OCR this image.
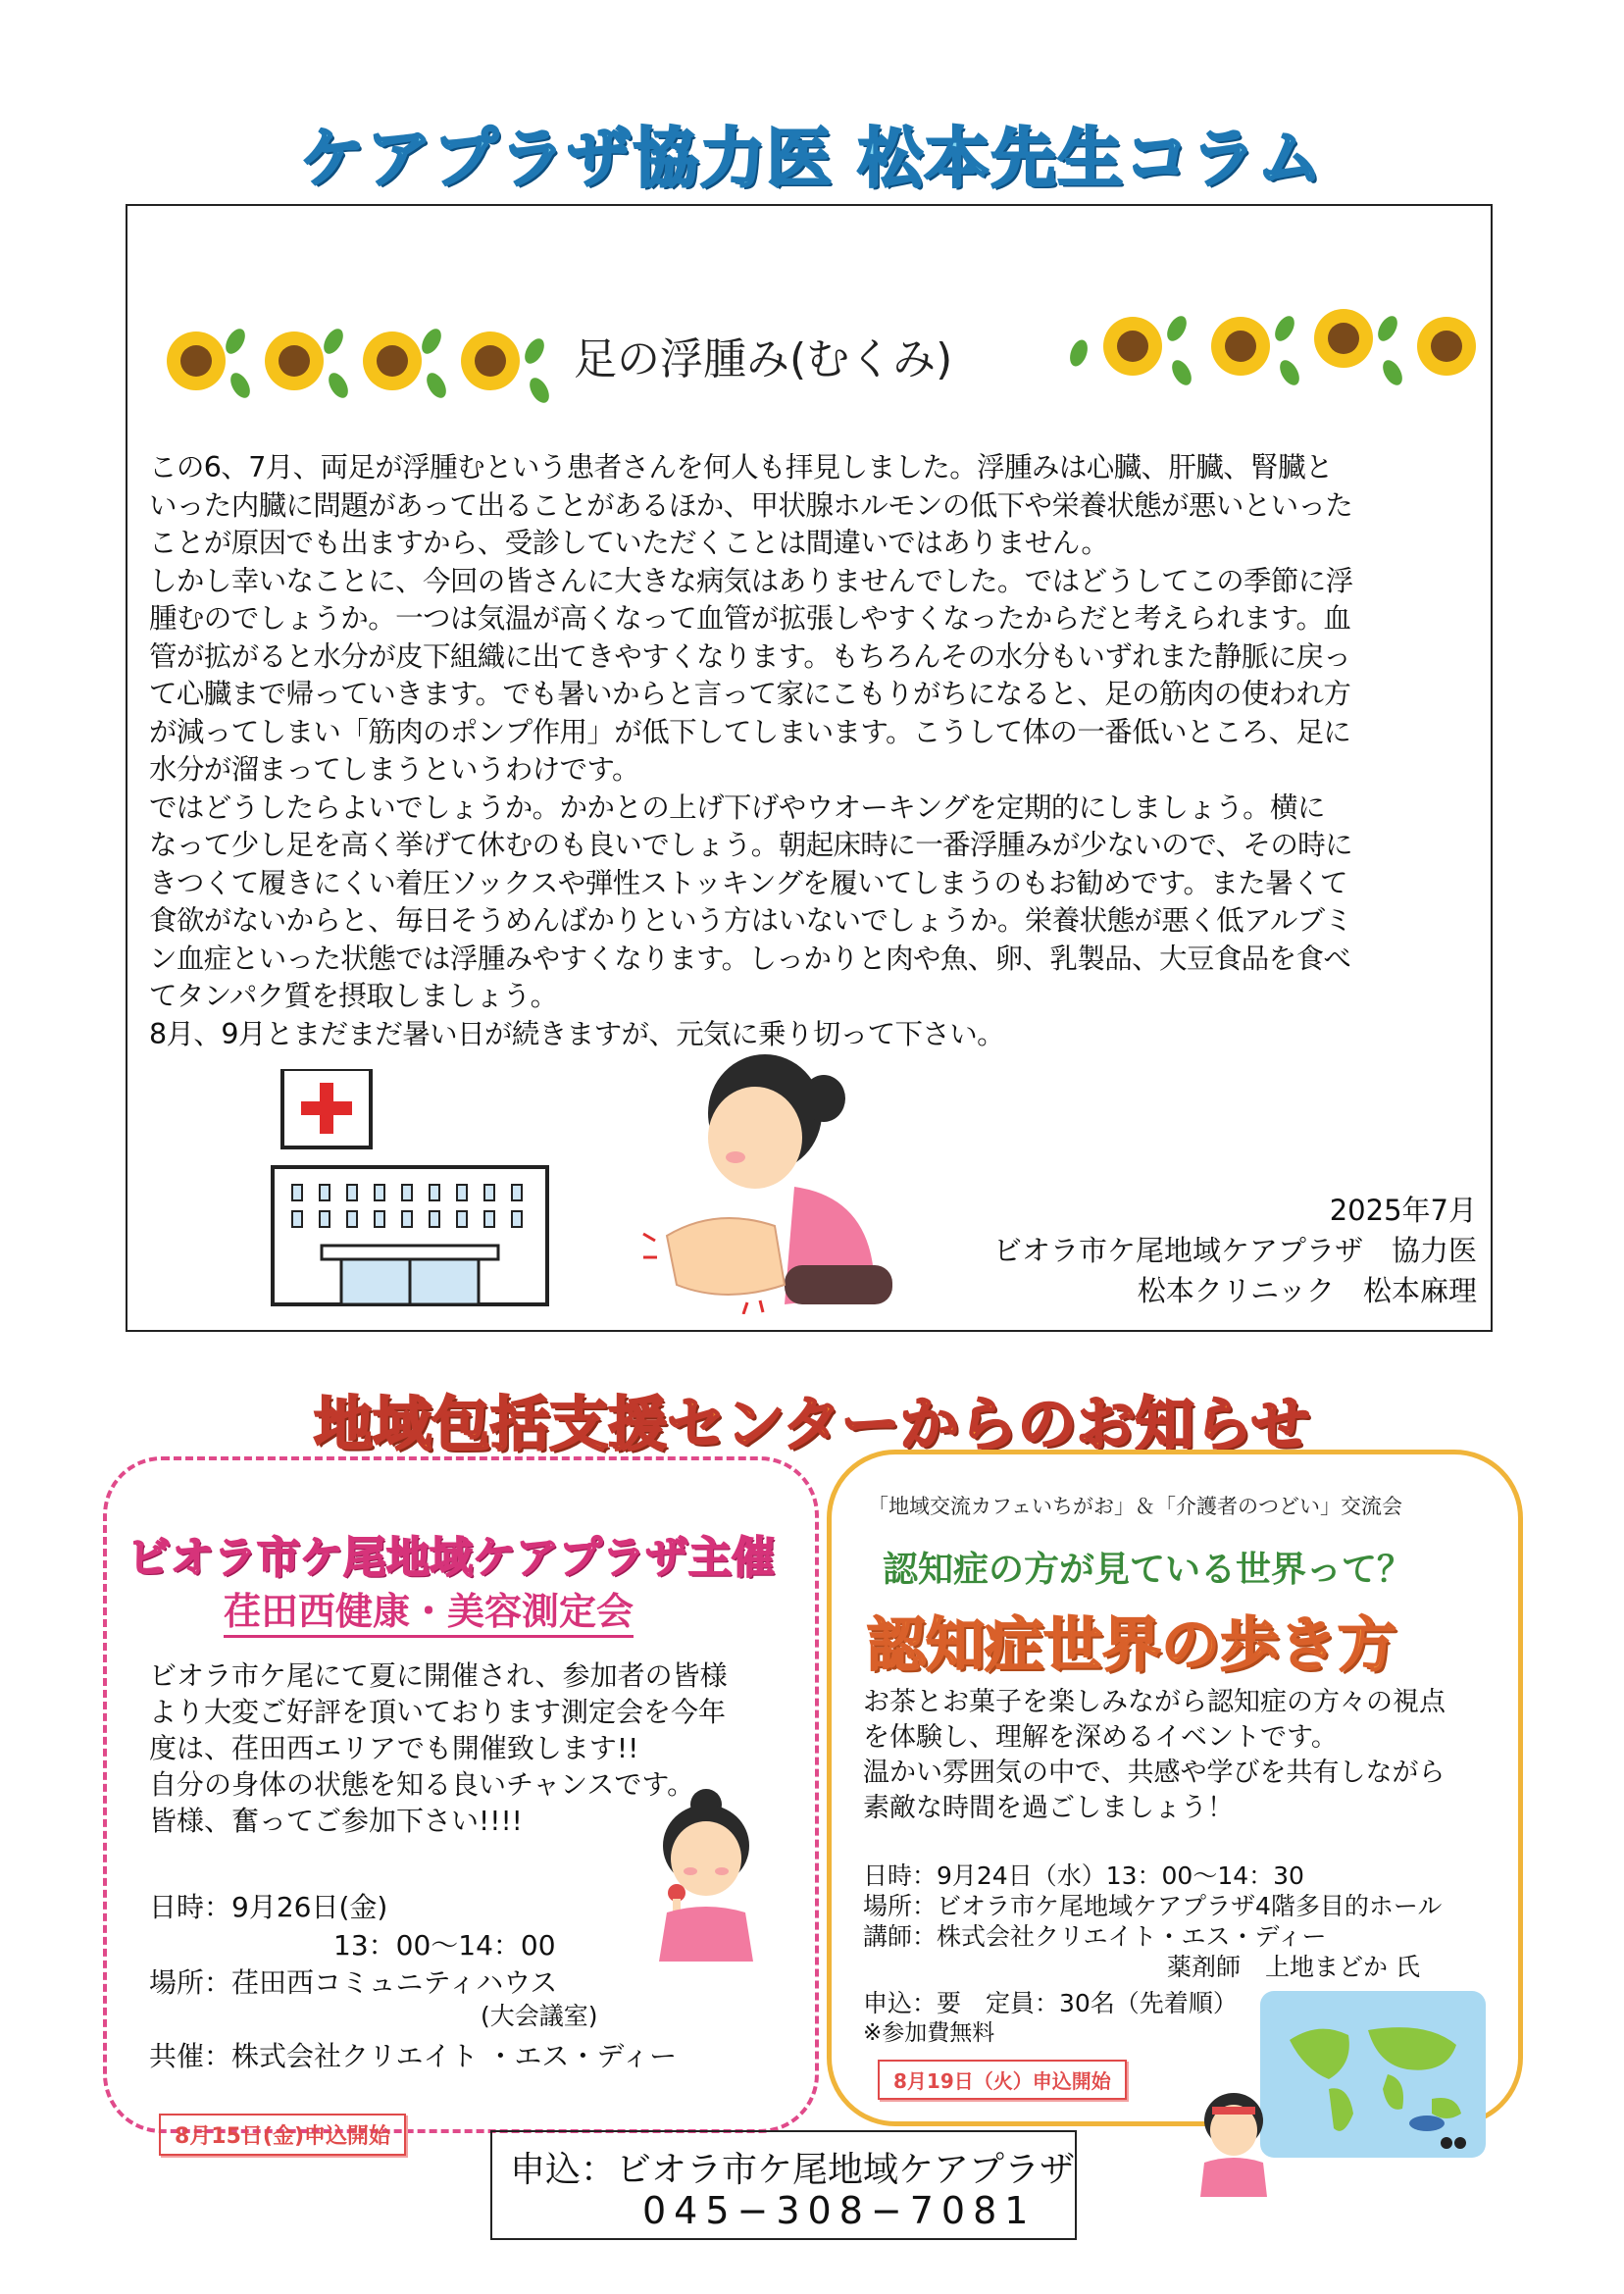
ケアプラザ協力医 松本先生コラム
足の浮腫み(むくみ)

この6、7月、両足が浮腫むという患者さんを何人も拝見しました。浮腫みは心臓、肝臓、腎臓と

いった内臓に問題があって出ることがあるほか、甲状腺ホルモンの低下や栄養状態が悪いといった

ことが原因でも出ますから、受診していただくことは間違いではありません。

しかし幸いなことに、今回の皆さんに大きな病気はありませんでした。ではどうしてこの季節に浮

腫むのでしょうか。一つは気温が高くなって血管が拡張しやすくなったからだと考えられます。血

管が拡がると水分が皮下組織に出てきやすくなります。もちろんその水分もいずれまた静脈に戻っ

て心臓まで帰っていきます。でも暑いからと言って家にこもりがちになると、足の筋肉の使われ方

が減ってしまい「筋肉のポンプ作用」が低下してしまいます。こうして体の一番低いところ、足に

水分が溜まってしまうというわけです。

ではどうしたらよいでしょうか。かかとの上げ下げやウオーキングを定期的にしましょう。横に

なって少し足を高く挙げて休むのも良いでしょう。朝起床時に一番浮腫みが少ないので、その時に

きつくて履きにくい着圧ソックスや弾性ストッキングを履いてしまうのもお勧めです。また暑くて

食欲がないからと、毎日そうめんばかりという方はいないでしょうか。栄養状態が悪く低アルブミ

ン血症といった状態では浮腫みやすくなります。しっかりと肉や魚、卵、乳製品、大豆食品を食べ

てタンパク質を摂取しましょう。

8月、9月とまだまだ暑い日が続きますが、元気に乗り切って下さい。

2025年7月
ビオラ市ケ尾地域ケアプラザ　協力医
松本クリニック　松本麻理
地域包括支援センターからのお知らせ
ビオラ市ケ尾地域ケアプラザ主催
荏田西健康・美容測定会

ビオラ市ケ尾にて夏に開催され、参加者の皆様

より大変ご好評を頂いております測定会を今年

度は、荏田西エリアでも開催致します!!

自分の身体の状態を知る良いチャンスです。

皆様、奮ってご参加下さい!!!!

日時：9月26日(金)
13：00～14：00
場所：荏田西コミュニティハウス
(大会議室)
共催：株式会社クリエイト ・エス・ディー
8月15日(金)申込開始
「地域交流カフェいちがお」＆「介護者のつどい」交流会
認知症の方が見ている世界って？
認知症世界の歩き方

お茶とお菓子を楽しみながら認知症の方々の視点

を体験し、理解を深めるイベントです。

温かい雰囲気の中で、共感や学びを共有しながら

素敵な時間を過ごしましょう！

日時：9月24日（水）13：00～14：30
場所：ビオラ市ケ尾地域ケアプラザ4階多目的ホール
講師：株式会社クリエイト・エス・ディー
薬剤師　上地まどか 氏
申込：要　定員：30名（先着順）
※参加費無料
8月19日（火）申込開始
申込：ビオラ市ケ尾地域ケアプラザ
045−308−7081
